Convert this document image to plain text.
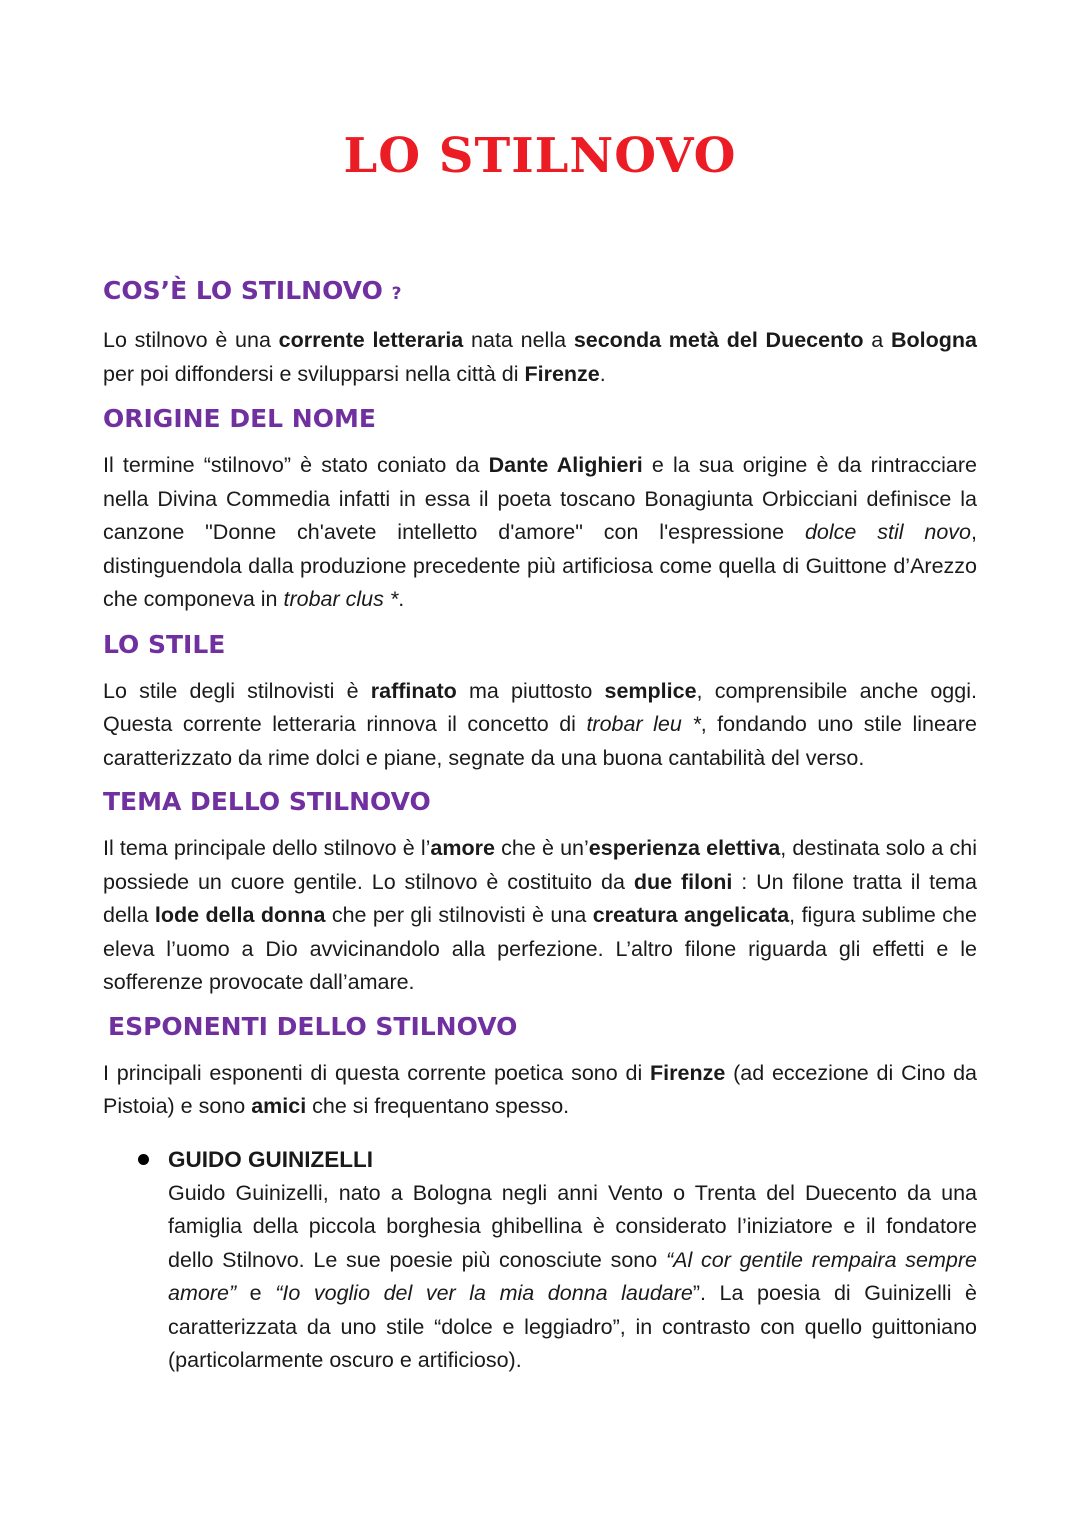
LO STILNOVO
COS’È LO STILNOVO ?

Lo stilnovo è una corrente letteraria nata nella seconda metà del Duecento a Bologna per poi diffondersi e svilupparsi nella città di Firenze.

ORIGINE DEL NOME

Il termine “stilnovo” è stato coniato da Dante Alighieri e la sua origine è da rintracciare nella Divina Commedia infatti in essa il poeta toscano Bonagiunta Orbicciani definisce la canzone "Donne ch'avete intelletto d'amore" con l'espressione dolce stil novo, distinguendola dalla produzione precedente più artificiosa come quella di Guittone d’Arezzo che componeva in trobar clus *.

LO STILE

Lo stile degli stilnovisti è raffinato ma piuttosto semplice, comprensibile anche oggi. Questa corrente letteraria rinnova il concetto di trobar leu *, fondando uno stile lineare caratterizzato da rime dolci e piane, segnate da una buona cantabilità del verso.

TEMA DELLO STILNOVO

Il tema principale dello stilnovo è l’amore che è un’esperienza elettiva, destinata solo a chi possiede un cuore gentile. Lo stilnovo è costituito da due filoni : Un filone tratta il tema della lode della donna che per gli stilnovisti è una creatura angelicata, figura sublime che eleva l’uomo a Dio avvicinandolo alla perfezione. L’altro filone riguarda gli effetti e le sofferenze provocate dall’amare.

ESPONENTI DELLO STILNOVO

I principali esponenti di questa corrente poetica sono di Firenze (ad eccezione di Cino da Pistoia) e sono amici che si frequentano spesso.

GUIDO GUINIZELLI

Guido Guinizelli, nato a Bologna negli anni Vento o Trenta del Duecento da una famiglia della piccola borghesia ghibellina è considerato l’iniziatore e il fondatore dello Stilnovo. Le sue poesie più conosciute sono “Al cor gentile rempaira sempre amore” e “Io voglio del ver la mia donna laudare”. La poesia di Guinizelli è caratterizzata da uno stile “dolce e leggiadro”, in contrasto con quello guittoniano (particolarmente oscuro e artificioso).
